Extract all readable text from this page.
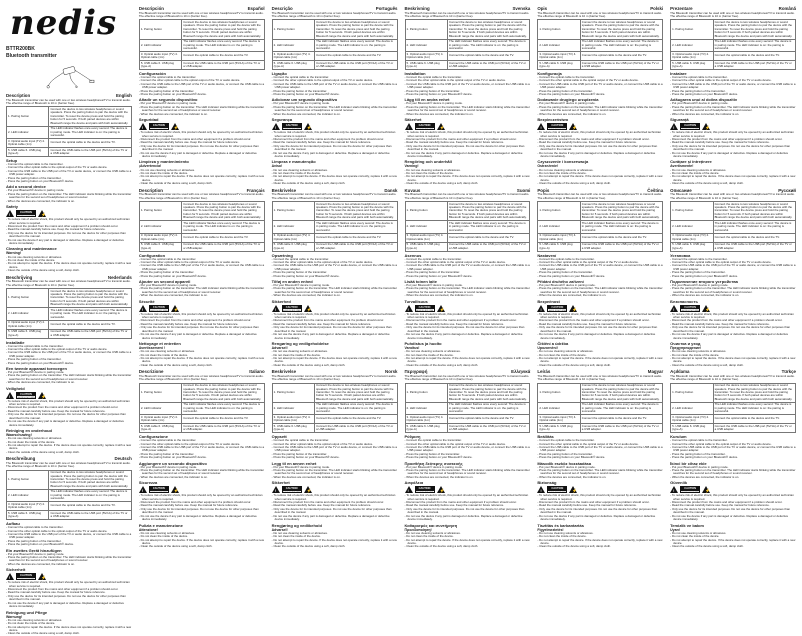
nedis
BTTR200BK
Bluetooth transmitter
Description	English

The Bluetooth transmitter can be used with one or two wireless headphones/TV to transmit audio. The effective range of Bluetooth is 10 m (barrier free).

1. Pairing button	Connect the device to two wireless headphones or sound speakers. Press the pairing button to pair the device with the transmitter. To reset the device press and hold the pairing button for 5 seconds. If both paired devices are within Bluetooth range the device and pairs with both automatically.
2. LED indicator	The LED indicator flashes once every second: The device is in pairing mode. The LED indicator is on: the pairing is successful.
3. Optical audio input (TV) 4. Optical cable (1m)	Connect the optical cable to the device and the TV.
5. USB cable 6. USB plug (type-A)	Connect the USB cable to the USB port (5V/1A) of the TV or a USB adapter.
Setup
- Connect the optical cable to the transmitter.
- Connect the other optical cable to the optical output of the TV or audio device.
- Connect the USB cable to the USB port of the TV or audio device, or connect the USB cable to a USB power adapter.
- Press the pairing button of the transmitter.
- Press the pairing button on your Bluetooth® device.
Add a second device
- Put your Bluetooth® device in pairing mode.
- Press the pairing button on the transmitter. The LED indicator starts blinking while the transmitter searches for the second set of headphones or sound receiver.
- When the devices are connected, the indicator is on.
Safety
!	CAUTION
RISK OF ELECTRIC	⚡
- To reduce risk of electric shock, this product should only be opened by an authorized technician when service is required.
- Disconnect the product from the mains and other equipment if a problem should occur.
- Read the manual carefully before use. Keep the manual for future reference.
- Only use the device for its intended purposes. Do not use the device for other purposes than described in the manual.
- Do not use the device if any part is damaged or defective. Replace a damaged or defective device immediately.
Cleaning and maintenance
Warning!
- Do not use cleaning solvents or abrasives.
- Do not clean the inside of the device.
- Do not attempt to repair the device. If the device does not operate correctly, replace it with a new device.
- Clean the outside of the device using a soft, damp cloth.
Beschrijving	Nederlands

The Bluetooth transmitter can be used with one or two wireless headphones/TV to transmit audio. The effective range of Bluetooth is 10 m (barrier free).

1. Pairing button	Connect the device to two wireless headphones or sound speakers. Press the pairing button to pair the device with the transmitter. To reset the device press and hold the pairing button for 5 seconds. If both paired devices are within Bluetooth range the device and pairs with both automatically.
2. LED indicator	The LED indicator flashes once every second: The device is in pairing mode. The LED indicator is on: the pairing is successful.
3. Optical audio input (TV) 4. Optical cable (1m)	Connect the optical cable to the device and the TV.
5. USB cable 6. USB plug (type-A)	Connect the USB cable to the USB port (5V/1A) of the TV or a USB adapter.
Installatie
- Connect the optical cable to the transmitter.
- Connect the other optical cable to the optical output of the TV or audio device.
- Connect the USB cable to the USB port of the TV or audio device, or connect the USB cable to a USB power adapter.
- Press the pairing button of the transmitter.
- Press the pairing button on your Bluetooth® device.
Een tweede apparaat toevoegen
- Put your Bluetooth® device in pairing mode.
- Press the pairing button on the transmitter. The LED indicator starts blinking while the transmitter searches for the second set of headphones or sound receiver.
- When the devices are connected, the indicator is on.
Veiligheid
!	CAUTION
RISK OF ELECTRIC	⚡
- To reduce risk of electric shock, this product should only be opened by an authorized technician when service is required.
- Disconnect the product from the mains and other equipment if a problem should occur.
- Read the manual carefully before use. Keep the manual for future reference.
- Only use the device for its intended purposes. Do not use the device for other purposes than described in the manual.
- Do not use the device if any part is damaged or defective. Replace a damaged or defective device immediately.
Reiniging en onderhoud
Waarschuwing!
- Do not use cleaning solvents or abrasives.
- Do not clean the inside of the device.
- Do not attempt to repair the device. If the device does not operate correctly, replace it with a new device.
- Clean the outside of the device using a soft, damp cloth.
Beschreibung	Deutsch

The Bluetooth transmitter can be used with one or two wireless headphones/TV to transmit audio. The effective range of Bluetooth is 10 m (barrier free).

1. Pairing button	Connect the device to two wireless headphones or sound speakers. Press the pairing button to pair the device with the transmitter. To reset the device press and hold the pairing button for 5 seconds. If both paired devices are within Bluetooth range the device and pairs with both automatically.
2. LED indicator	The LED indicator flashes once every second: The device is in pairing mode. The LED indicator is on: the pairing is successful.
3. Optical audio input (TV) 4. Optical cable (1m)	Connect the optical cable to the device and the TV.
5. USB cable 6. USB plug (type-A)	Connect the USB cable to the USB port (5V/1A) of the TV or a USB adapter.
Aufbau
- Connect the optical cable to the transmitter.
- Connect the other optical cable to the optical output of the TV or audio device.
- Connect the USB cable to the USB port of the TV or audio device, or connect the USB cable to a USB power adapter.
- Press the pairing button of the transmitter.
- Press the pairing button on your Bluetooth® device.
Ein zweites Gerät hinzufügen
- Put your Bluetooth® device in pairing mode.
- Press the pairing button on the transmitter. The LED indicator starts blinking while the transmitter searches for the second set of headphones or sound receiver.
- When the devices are connected, the indicator is on.
Sicherheit
!	CAUTION
RISK OF ELECTRIC	⚡
- To reduce risk of electric shock, this product should only be opened by an authorized technician when service is required.
- Disconnect the product from the mains and other equipment if a problem should occur.
- Read the manual carefully before use. Keep the manual for future reference.
- Only use the device for its intended purposes. Do not use the device for other purposes than described in the manual.
- Do not use the device if any part is damaged or defective. Replace a damaged or defective device immediately.
Reinigung und Pflege
Warnung!
- Do not use cleaning solvents or abrasives.
- Do not clean the inside of the device.
- Do not attempt to repair the device. If the device does not operate correctly, replace it with a new device.
- Clean the outside of the device using a soft, damp cloth.
Descripción	Español

The Bluetooth transmitter can be used with one or two wireless headphones/TV to transmit audio. The effective range of Bluetooth is 10 m (barrier free).

1. Pairing button	Connect the device to two wireless headphones or sound speakers. Press the pairing button to pair the device with the transmitter. To reset the device press and hold the pairing button for 5 seconds. If both paired devices are within Bluetooth range the device and pairs with both automatically.
2. LED indicator	The LED indicator flashes once every second: The device is in pairing mode. The LED indicator is on: the pairing is successful.
3. Optical audio input (TV) 4. Optical cable (1m)	Connect the optical cable to the device and the TV.
5. USB cable 6. USB plug (type-A)	Connect the USB cable to the USB port (5V/1A) of the TV or a USB adapter.
Configuración
- Connect the optical cable to the transmitter.
- Connect the other optical cable to the optical output of the TV or audio device.
- Connect the USB cable to the USB port of the TV or audio device, or connect the USB cable to a USB power adapter.
- Press the pairing button of the transmitter.
- Press the pairing button on your Bluetooth® device.
Añadir un segundo dispositivo
- Put your Bluetooth® device in pairing mode.
- Press the pairing button on the transmitter. The LED indicator starts blinking while the transmitter searches for the second set of headphones or sound receiver.
- When the devices are connected, the indicator is on.
Seguridad
!	CAUTION
RISK OF ELECTRIC	⚡
- To reduce risk of electric shock, this product should only be opened by an authorized technician when service is required.
- Disconnect the product from the mains and other equipment if a problem should occur.
- Read the manual carefully before use. Keep the manual for future reference.
- Only use the device for its intended purposes. Do not use the device for other purposes than described in the manual.
- Do not use the device if any part is damaged or defective. Replace a damaged or defective device immediately.
Limpieza y mantenimiento
¡Advertencia!
- Do not use cleaning solvents or abrasives.
- Do not clean the inside of the device.
- Do not attempt to repair the device. If the device does not operate correctly, replace it with a new device.
- Clean the outside of the device using a soft, damp cloth.
Description	Français

The Bluetooth transmitter can be used with one or two wireless headphones/TV to transmit audio. The effective range of Bluetooth is 10 m (barrier free).

1. Pairing button	Connect the device to two wireless headphones or sound speakers. Press the pairing button to pair the device with the transmitter. To reset the device press and hold the pairing button for 5 seconds. If both paired devices are within Bluetooth range the device and pairs with both automatically.
2. LED indicator	The LED indicator flashes once every second: The device is in pairing mode. The LED indicator is on: the pairing is successful.
3. Optical audio input (TV) 4. Optical cable (1m)	Connect the optical cable to the device and the TV.
5. USB cable 6. USB plug (type-A)	Connect the USB cable to the USB port (5V/1A) of the TV or a USB adapter.
Configuration
- Connect the optical cable to the transmitter.
- Connect the other optical cable to the optical output of the TV or audio device.
- Connect the USB cable to the USB port of the TV or audio device, or connect the USB cable to a USB power adapter.
- Press the pairing button of the transmitter.
- Press the pairing button on your Bluetooth® device.
Ajouter un second appareil
- Put your Bluetooth® device in pairing mode.
- Press the pairing button on the transmitter. The LED indicator starts blinking while the transmitter searches for the second set of headphones or sound receiver.
- When the devices are connected, the indicator is on.
Sécurité
!	CAUTION
RISK OF ELECTRIC	⚡
- To reduce risk of electric shock, this product should only be opened by an authorized technician when service is required.
- Disconnect the product from the mains and other equipment if a problem should occur.
- Read the manual carefully before use. Keep the manual for future reference.
- Only use the device for its intended purposes. Do not use the device for other purposes than described in the manual.
- Do not use the device if any part is damaged or defective. Replace a damaged or defective device immediately.
Nettoyage et entretien
Avertissement !
- Do not use cleaning solvents or abrasives.
- Do not clean the inside of the device.
- Do not attempt to repair the device. If the device does not operate correctly, replace it with a new device.
- Clean the outside of the device using a soft, damp cloth.
Descrizione	Italiano

The Bluetooth transmitter can be used with one or two wireless headphones/TV to transmit audio. The effective range of Bluetooth is 10 m (barrier free).

1. Pairing button	Connect the device to two wireless headphones or sound speakers. Press the pairing button to pair the device with the transmitter. To reset the device press and hold the pairing button for 5 seconds. If both paired devices are within Bluetooth range the device and pairs with both automatically.
2. LED indicator	The LED indicator flashes once every second: The device is in pairing mode. The LED indicator is on: the pairing is successful.
3. Optical audio input (TV) 4. Optical cable (1m)	Connect the optical cable to the device and the TV.
5. USB cable 6. USB plug (type-A)	Connect the USB cable to the USB port (5V/1A) of the TV or a USB adapter.
Configurazione
- Connect the optical cable to the transmitter.
- Connect the other optical cable to the optical output of the TV or audio device.
- Connect the USB cable to the USB port of the TV or audio device, or connect the USB cable to a USB power adapter.
- Press the pairing button of the transmitter.
- Press the pairing button on your Bluetooth® device.
Aggiungere un secondo dispositivo
- Put your Bluetooth® device in pairing mode.
- Press the pairing button on the transmitter. The LED indicator starts blinking while the transmitter searches for the second set of headphones or sound receiver.
- When the devices are connected, the indicator is on.
Sicurezza
!	CAUTION
RISK OF ELECTRIC	⚡
- To reduce risk of electric shock, this product should only be opened by an authorized technician when service is required.
- Disconnect the product from the mains and other equipment if a problem should occur.
- Read the manual carefully before use. Keep the manual for future reference.
- Only use the device for its intended purposes. Do not use the device for other purposes than described in the manual.
- Do not use the device if any part is damaged or defective. Replace a damaged or defective device immediately.
Pulizia e manutenzione
Attenzione!
- Do not use cleaning solvents or abrasives.
- Do not clean the inside of the device.
- Do not attempt to repair the device. If the device does not operate correctly, replace it with a new device.
- Clean the outside of the device using a soft, damp cloth.
Descrição	Português

The Bluetooth transmitter can be used with one or two wireless headphones/TV to transmit audio. The effective range of Bluetooth is 10 m (barrier free).

1. Pairing button	Connect the device to two wireless headphones or sound speakers. Press the pairing button to pair the device with the transmitter. To reset the device press and hold the pairing button for 5 seconds. If both paired devices are within Bluetooth range the device and pairs with both automatically.
2. LED indicator	The LED indicator flashes once every second: The device is in pairing mode. The LED indicator is on: the pairing is successful.
3. Optical audio input (TV) 4. Optical cable (1m)	Connect the optical cable to the device and the TV.
5. USB cable 6. USB plug (type-A)	Connect the USB cable to the USB port (5V/1A) of the TV or a USB adapter.
Ligação
- Connect the optical cable to the transmitter.
- Connect the other optical cable to the optical output of the TV or audio device.
- Connect the USB cable to the USB port of the TV or audio device, or connect the USB cable to a USB power adapter.
- Press the pairing button of the transmitter.
- Press the pairing button on your Bluetooth® device.
Adicionar um segundo dispositivo
- Put your Bluetooth® device in pairing mode.
- Press the pairing button on the transmitter. The LED indicator starts blinking while the transmitter searches for the second set of headphones or sound receiver.
- When the devices are connected, the indicator is on.
Segurança
!	CAUTION
RISK OF ELECTRIC	⚡
- To reduce risk of electric shock, this product should only be opened by an authorized technician when service is required.
- Disconnect the product from the mains and other equipment if a problem should occur.
- Read the manual carefully before use. Keep the manual for future reference.
- Only use the device for its intended purposes. Do not use the device for other purposes than described in the manual.
- Do not use the device if any part is damaged or defective. Replace a damaged or defective device immediately.
Limpeza e manutenção
Aviso!
- Do not use cleaning solvents or abrasives.
- Do not clean the inside of the device.
- Do not attempt to repair the device. If the device does not operate correctly, replace it with a new device.
- Clean the outside of the device using a soft, damp cloth.
Beskrivelse	Dansk

The Bluetooth transmitter can be used with one or two wireless headphones/TV to transmit audio. The effective range of Bluetooth is 10 m (barrier free).

1. Pairing button	Connect the device to two wireless headphones or sound speakers. Press the pairing button to pair the device with the transmitter. To reset the device press and hold the pairing button for 5 seconds. If both paired devices are within Bluetooth range the device and pairs with both automatically.
2. LED indicator	The LED indicator flashes once every second: The device is in pairing mode. The LED indicator is on: the pairing is successful.
3. Optical audio input (TV) 4. Optical cable (1m)	Connect the optical cable to the device and the TV.
5. USB cable 6. USB plug (type-A)	Connect the USB cable to the USB port (5V/1A) of the TV or a USB adapter.
Opsætning
- Connect the optical cable to the transmitter.
- Connect the other optical cable to the optical output of the TV or audio device.
- Connect the USB cable to the USB port of the TV or audio device, or connect the USB cable to a USB power adapter.
- Press the pairing button of the transmitter.
- Press the pairing button on your Bluetooth® device.
Tilføj en anden enhed
- Put your Bluetooth® device in pairing mode.
- Press the pairing button on the transmitter. The LED indicator starts blinking while the transmitter searches for the second set of headphones or sound receiver.
- When the devices are connected, the indicator is on.
Sikkerhed
!	CAUTION
RISK OF ELECTRIC	⚡
- To reduce risk of electric shock, this product should only be opened by an authorized technician when service is required.
- Disconnect the product from the mains and other equipment if a problem should occur.
- Read the manual carefully before use. Keep the manual for future reference.
- Only use the device for its intended purposes. Do not use the device for other purposes than described in the manual.
- Do not use the device if any part is damaged or defective. Replace a damaged or defective device immediately.
Rengøring og vedligeholdelse
Advarsel!
- Do not use cleaning solvents or abrasives.
- Do not clean the inside of the device.
- Do not attempt to repair the device. If the device does not operate correctly, replace it with a new device.
- Clean the outside of the device using a soft, damp cloth.
Beskrivelse	Norsk

The Bluetooth transmitter can be used with one or two wireless headphones/TV to transmit audio. The effective range of Bluetooth is 10 m (barrier free).

1. Pairing button	Connect the device to two wireless headphones or sound speakers. Press the pairing button to pair the device with the transmitter. To reset the device press and hold the pairing button for 5 seconds. If both paired devices are within Bluetooth range the device and pairs with both automatically.
2. LED indicator	The LED indicator flashes once every second: The device is in pairing mode. The LED indicator is on: the pairing is successful.
3. Optical audio input (TV) 4. Optical cable (1m)	Connect the optical cable to the device and the TV.
5. USB cable 6. USB plug (type-A)	Connect the USB cable to the USB port (5V/1A) of the TV or a USB adapter.
Oppsett
- Connect the optical cable to the transmitter.
- Connect the other optical cable to the optical output of the TV or audio device.
- Connect the USB cable to the USB port of the TV or audio device, or connect the USB cable to a USB power adapter.
- Press the pairing button of the transmitter.
- Press the pairing button on your Bluetooth® device.
Legg til en annen enhet
- Put your Bluetooth® device in pairing mode.
- Press the pairing button on the transmitter. The LED indicator starts blinking while the transmitter searches for the second set of headphones or sound receiver.
- When the devices are connected, the indicator is on.
Sikkerhet
!	CAUTION
RISK OF ELECTRIC	⚡
- To reduce risk of electric shock, this product should only be opened by an authorized technician when service is required.
- Disconnect the product from the mains and other equipment if a problem should occur.
- Read the manual carefully before use. Keep the manual for future reference.
- Only use the device for its intended purposes. Do not use the device for other purposes than described in the manual.
- Do not use the device if any part is damaged or defective. Replace a damaged or defective device immediately.
Rengjøring og vedlikehold
Advarsel!
- Do not use cleaning solvents or abrasives.
- Do not clean the inside of the device.
- Do not attempt to repair the device. If the device does not operate correctly, replace it with a new device.
- Clean the outside of the device using a soft, damp cloth.
Beskrivning	Svenska

The Bluetooth transmitter can be used with one or two wireless headphones/TV to transmit audio. The effective range of Bluetooth is 10 m (barrier free).

1. Pairing button	Connect the device to two wireless headphones or sound speakers. Press the pairing button to pair the device with the transmitter. To reset the device press and hold the pairing button for 5 seconds. If both paired devices are within Bluetooth range the device and pairs with both automatically.
2. LED indicator	The LED indicator flashes once every second: The device is in pairing mode. The LED indicator is on: the pairing is successful.
3. Optical audio input (TV) 4. Optical cable (1m)	Connect the optical cable to the device and the TV.
5. USB cable 6. USB plug (type-A)	Connect the USB cable to the USB port (5V/1A) of the TV or a USB adapter.
Installation
- Connect the optical cable to the transmitter.
- Connect the other optical cable to the optical output of the TV or audio device.
- Connect the USB cable to the USB port of the TV or audio device, or connect the USB cable to a USB power adapter.
- Press the pairing button of the transmitter.
- Press the pairing button on your Bluetooth® device.
Lägg till en andra enhet
- Put your Bluetooth® device in pairing mode.
- Press the pairing button on the transmitter. The LED indicator starts blinking while the transmitter searches for the second set of headphones or sound receiver.
- When the devices are connected, the indicator is on.
Säkerhet
!	CAUTION
RISK OF ELECTRIC	⚡
- To reduce risk of electric shock, this product should only be opened by an authorized technician when service is required.
- Disconnect the product from the mains and other equipment if a problem should occur.
- Read the manual carefully before use. Keep the manual for future reference.
- Only use the device for its intended purposes. Do not use the device for other purposes than described in the manual.
- Do not use the device if any part is damaged or defective. Replace a damaged or defective device immediately.
Rengöring och underhåll
Varning!
- Do not use cleaning solvents or abrasives.
- Do not clean the inside of the device.
- Do not attempt to repair the device. If the device does not operate correctly, replace it with a new device.
- Clean the outside of the device using a soft, damp cloth.
Kuvaus	Suomi

The Bluetooth transmitter can be used with one or two wireless headphones/TV to transmit audio. The effective range of Bluetooth is 10 m (barrier free).

1. Pairing button	Connect the device to two wireless headphones or sound speakers. Press the pairing button to pair the device with the transmitter. To reset the device press and hold the pairing button for 5 seconds. If both paired devices are within Bluetooth range the device and pairs with both automatically.
2. LED indicator	The LED indicator flashes once every second: The device is in pairing mode. The LED indicator is on: the pairing is successful.
3. Optical audio input (TV) 4. Optical cable (1m)	Connect the optical cable to the device and the TV.
5. USB cable 6. USB plug (type-A)	Connect the USB cable to the USB port (5V/1A) of the TV or a USB adapter.
Asennus
- Connect the optical cable to the transmitter.
- Connect the other optical cable to the optical output of the TV or audio device.
- Connect the USB cable to the USB port of the TV or audio device, or connect the USB cable to a USB power adapter.
- Press the pairing button of the transmitter.
- Press the pairing button on your Bluetooth® device.
Lisää toinen laite
- Put your Bluetooth® device in pairing mode.
- Press the pairing button on the transmitter. The LED indicator starts blinking while the transmitter searches for the second set of headphones or sound receiver.
- When the devices are connected, the indicator is on.
Turvallisuus
!	CAUTION
RISK OF ELECTRIC	⚡
- To reduce risk of electric shock, this product should only be opened by an authorized technician when service is required.
- Disconnect the product from the mains and other equipment if a problem should occur.
- Read the manual carefully before use. Keep the manual for future reference.
- Only use the device for its intended purposes. Do not use the device for other purposes than described in the manual.
- Do not use the device if any part is damaged or defective. Replace a damaged or defective device immediately.
Puhdistus ja huolto
Varoitus!
- Do not use cleaning solvents or abrasives.
- Do not clean the inside of the device.
- Do not attempt to repair the device. If the device does not operate correctly, replace it with a new device.
- Clean the outside of the device using a soft, damp cloth.
Περιγραφή	Ελληνικά

The Bluetooth transmitter can be used with one or two wireless headphones/TV to transmit audio. The effective range of Bluetooth is 10 m (barrier free).

1. Pairing button	Connect the device to two wireless headphones or sound speakers. Press the pairing button to pair the device with the transmitter. To reset the device press and hold the pairing button for 5 seconds. If both paired devices are within Bluetooth range the device and pairs with both automatically.
2. LED indicator	The LED indicator flashes once every second: The device is in pairing mode. The LED indicator is on: the pairing is successful.
3. Optical audio input (TV) 4. Optical cable (1m)	Connect the optical cable to the device and the TV.
5. USB cable 6. USB plug (type-A)	Connect the USB cable to the USB port (5V/1A) of the TV or a USB adapter.
Ρύθμιση
- Connect the optical cable to the transmitter.
- Connect the other optical cable to the optical output of the TV or audio device.
- Connect the USB cable to the USB port of the TV or audio device, or connect the USB cable to a USB power adapter.
- Press the pairing button of the transmitter.
- Press the pairing button on your Bluetooth® device.
Προσθήκη δεύτερης συσκευής
- Put your Bluetooth® device in pairing mode.
- Press the pairing button on the transmitter. The LED indicator starts blinking while the transmitter searches for the second set of headphones or sound receiver.
- When the devices are connected, the indicator is on.
Ασφάλεια
!	CAUTION
RISK OF ELECTRIC	⚡
- To reduce risk of electric shock, this product should only be opened by an authorized technician when service is required.
- Disconnect the product from the mains and other equipment if a problem should occur.
- Read the manual carefully before use. Keep the manual for future reference.
- Only use the device for its intended purposes. Do not use the device for other purposes than described in the manual.
- Do not use the device if any part is damaged or defective. Replace a damaged or defective device immediately.
Καθαρισμός και συντήρηση
Προειδοποίηση!
- Do not use cleaning solvents or abrasives.
- Do not clean the inside of the device.
- Do not attempt to repair the device. If the device does not operate correctly, replace it with a new device.
- Clean the outside of the device using a soft, damp cloth.
Opis	Polski

The Bluetooth transmitter can be used with one or two wireless headphones/TV to transmit audio. The effective range of Bluetooth is 10 m (barrier free).

1. Pairing button	Connect the device to two wireless headphones or sound speakers. Press the pairing button to pair the device with the transmitter. To reset the device press and hold the pairing button for 5 seconds. If both paired devices are within Bluetooth range the device and pairs with both automatically.
2. LED indicator	The LED indicator flashes once every second: The device is in pairing mode. The LED indicator is on: the pairing is successful.
3. Optical audio input (TV) 4. Optical cable (1m)	Connect the optical cable to the device and the TV.
5. USB cable 6. USB plug (type-A)	Connect the USB cable to the USB port (5V/1A) of the TV or a USB adapter.
Konfiguracja
- Connect the optical cable to the transmitter.
- Connect the other optical cable to the optical output of the TV or audio device.
- Connect the USB cable to the USB port of the TV or audio device, or connect the USB cable to a USB power adapter.
- Press the pairing button of the transmitter.
- Press the pairing button on your Bluetooth® device.
Dodawanie drugiego urządzenia
- Put your Bluetooth® device in pairing mode.
- Press the pairing button on the transmitter. The LED indicator starts blinking while the transmitter searches for the second set of headphones or sound receiver.
- When the devices are connected, the indicator is on.
Bezpieczeństwo
!	CAUTION
RISK OF ELECTRIC	⚡
- To reduce risk of electric shock, this product should only be opened by an authorized technician when service is required.
- Disconnect the product from the mains and other equipment if a problem should occur.
- Read the manual carefully before use. Keep the manual for future reference.
- Only use the device for its intended purposes. Do not use the device for other purposes than described in the manual.
- Do not use the device if any part is damaged or defective. Replace a damaged or defective device immediately.
Czyszczenie i konserwacja
Ostrzeżenie!
- Do not use cleaning solvents or abrasives.
- Do not clean the inside of the device.
- Do not attempt to repair the device. If the device does not operate correctly, replace it with a new device.
- Clean the outside of the device using a soft, damp cloth.
Popis	Čeština

The Bluetooth transmitter can be used with one or two wireless headphones/TV to transmit audio. The effective range of Bluetooth is 10 m (barrier free).

1. Pairing button	Connect the device to two wireless headphones or sound speakers. Press the pairing button to pair the device with the transmitter. To reset the device press and hold the pairing button for 5 seconds. If both paired devices are within Bluetooth range the device and pairs with both automatically.
2. LED indicator	The LED indicator flashes once every second: The device is in pairing mode. The LED indicator is on: the pairing is successful.
3. Optical audio input (TV) 4. Optical cable (1m)	Connect the optical cable to the device and the TV.
5. USB cable 6. USB plug (type-A)	Connect the USB cable to the USB port (5V/1A) of the TV or a USB adapter.
Nastavení
- Connect the optical cable to the transmitter.
- Connect the other optical cable to the optical output of the TV or audio device.
- Connect the USB cable to the USB port of the TV or audio device, or connect the USB cable to a USB power adapter.
- Press the pairing button of the transmitter.
- Press the pairing button on your Bluetooth® device.
Přidání druhého zařízení
- Put your Bluetooth® device in pairing mode.
- Press the pairing button on the transmitter. The LED indicator starts blinking while the transmitter searches for the second set of headphones or sound receiver.
- When the devices are connected, the indicator is on.
Bezpečnost
!	CAUTION
RISK OF ELECTRIC	⚡
- To reduce risk of electric shock, this product should only be opened by an authorized technician when service is required.
- Disconnect the product from the mains and other equipment if a problem should occur.
- Read the manual carefully before use. Keep the manual for future reference.
- Only use the device for its intended purposes. Do not use the device for other purposes than described in the manual.
- Do not use the device if any part is damaged or defective. Replace a damaged or defective device immediately.
Čištění a údržba
Upozornění!
- Do not use cleaning solvents or abrasives.
- Do not clean the inside of the device.
- Do not attempt to repair the device. If the device does not operate correctly, replace it with a new device.
- Clean the outside of the device using a soft, damp cloth.
Leírás	Magyar

The Bluetooth transmitter can be used with one or two wireless headphones/TV to transmit audio. The effective range of Bluetooth is 10 m (barrier free).

1. Pairing button	Connect the device to two wireless headphones or sound speakers. Press the pairing button to pair the device with the transmitter. To reset the device press and hold the pairing button for 5 seconds. If both paired devices are within Bluetooth range the device and pairs with both automatically.
2. LED indicator	The LED indicator flashes once every second: The device is in pairing mode. The LED indicator is on: the pairing is successful.
3. Optical audio input (TV) 4. Optical cable (1m)	Connect the optical cable to the device and the TV.
5. USB cable 6. USB plug (type-A)	Connect the USB cable to the USB port (5V/1A) of the TV or a USB adapter.
Beállítás
- Connect the optical cable to the transmitter.
- Connect the other optical cable to the optical output of the TV or audio device.
- Connect the USB cable to the USB port of the TV or audio device, or connect the USB cable to a USB power adapter.
- Press the pairing button of the transmitter.
- Press the pairing button on your Bluetooth® device.
Második eszköz hozzáadása
- Put your Bluetooth® device in pairing mode.
- Press the pairing button on the transmitter. The LED indicator starts blinking while the transmitter searches for the second set of headphones or sound receiver.
- When the devices are connected, the indicator is on.
Biztonság
!	CAUTION
RISK OF ELECTRIC	⚡
- To reduce risk of electric shock, this product should only be opened by an authorized technician when service is required.
- Disconnect the product from the mains and other equipment if a problem should occur.
- Read the manual carefully before use. Keep the manual for future reference.
- Only use the device for its intended purposes. Do not use the device for other purposes than described in the manual.
- Do not use the device if any part is damaged or defective. Replace a damaged or defective device immediately.
Tisztítás és karbantartás
Figyelmeztetés!
- Do not use cleaning solvents or abrasives.
- Do not clean the inside of the device.
- Do not attempt to repair the device. If the device does not operate correctly, replace it with a new device.
- Clean the outside of the device using a soft, damp cloth.
Prezentare	Română

The Bluetooth transmitter can be used with one or two wireless headphones/TV to transmit audio. The effective range of Bluetooth is 10 m (barrier free).

1. Pairing button	Connect the device to two wireless headphones or sound speakers. Press the pairing button to pair the device with the transmitter. To reset the device press and hold the pairing button for 5 seconds. If both paired devices are within Bluetooth range the device and pairs with both automatically.
2. LED indicator	The LED indicator flashes once every second: The device is in pairing mode. The LED indicator is on: the pairing is successful.
3. Optical audio input (TV) 4. Optical cable (1m)	Connect the optical cable to the device and the TV.
5. USB cable 6. USB plug (type-A)	Connect the USB cable to the USB port (5V/1A) of the TV or a USB adapter.
Instalare
- Connect the optical cable to the transmitter.
- Connect the other optical cable to the optical output of the TV or audio device.
- Connect the USB cable to the USB port of the TV or audio device, or connect the USB cable to a USB power adapter.
- Press the pairing button of the transmitter.
- Press the pairing button on your Bluetooth® device.
Adăugarea unui al doilea dispozitiv
- Put your Bluetooth® device in pairing mode.
- Press the pairing button on the transmitter. The LED indicator starts blinking while the transmitter searches for the second set of headphones or sound receiver.
- When the devices are connected, the indicator is on.
Siguranță
!	CAUTION
RISK OF ELECTRIC	⚡
- To reduce risk of electric shock, this product should only be opened by an authorized technician when service is required.
- Disconnect the product from the mains and other equipment if a problem should occur.
- Read the manual carefully before use. Keep the manual for future reference.
- Only use the device for its intended purposes. Do not use the device for other purposes than described in the manual.
- Do not use the device if any part is damaged or defective. Replace a damaged or defective device immediately.
Curățare și întreținere
Avertismente!
- Do not use cleaning solvents or abrasives.
- Do not clean the inside of the device.
- Do not attempt to repair the device. If the device does not operate correctly, replace it with a new device.
- Clean the outside of the device using a soft, damp cloth.
Описание	Русский

The Bluetooth transmitter can be used with one or two wireless headphones/TV to transmit audio. The effective range of Bluetooth is 10 m (barrier free).

1. Pairing button	Connect the device to two wireless headphones or sound speakers. Press the pairing button to pair the device with the transmitter. To reset the device press and hold the pairing button for 5 seconds. If both paired devices are within Bluetooth range the device and pairs with both automatically.
2. LED indicator	The LED indicator flashes once every second: The device is in pairing mode. The LED indicator is on: the pairing is successful.
3. Optical audio input (TV) 4. Optical cable (1m)	Connect the optical cable to the device and the TV.
5. USB cable 6. USB plug (type-A)	Connect the USB cable to the USB port (5V/1A) of the TV or a USB adapter.
Установка
- Connect the optical cable to the transmitter.
- Connect the other optical cable to the optical output of the TV or audio device.
- Connect the USB cable to the USB port of the TV or audio device, or connect the USB cable to a USB power adapter.
- Press the pairing button of the transmitter.
- Press the pairing button on your Bluetooth® device.
Подключение второго устройства
- Put your Bluetooth® device in pairing mode.
- Press the pairing button on the transmitter. The LED indicator starts blinking while the transmitter searches for the second set of headphones or sound receiver.
- When the devices are connected, the indicator is on.
Безопасность
!	CAUTION
RISK OF ELECTRIC	⚡
- To reduce risk of electric shock, this product should only be opened by an authorized technician when service is required.
- Disconnect the product from the mains and other equipment if a problem should occur.
- Read the manual carefully before use. Keep the manual for future reference.
- Only use the device for its intended purposes. Do not use the device for other purposes than described in the manual.
- Do not use the device if any part is damaged or defective. Replace a damaged or defective device immediately.
Очистка и уход
Предупреждение!
- Do not use cleaning solvents or abrasives.
- Do not clean the inside of the device.
- Do not attempt to repair the device. If the device does not operate correctly, replace it with a new device.
- Clean the outside of the device using a soft, damp cloth.
Açıklama	Türkçe

The Bluetooth transmitter can be used with one or two wireless headphones/TV to transmit audio. The effective range of Bluetooth is 10 m (barrier free).

1. Pairing button	Connect the device to two wireless headphones or sound speakers. Press the pairing button to pair the device with the transmitter. To reset the device press and hold the pairing button for 5 seconds. If both paired devices are within Bluetooth range the device and pairs with both automatically.
2. LED indicator	The LED indicator flashes once every second: The device is in pairing mode. The LED indicator is on: the pairing is successful.
3. Optical audio input (TV) 4. Optical cable (1m)	Connect the optical cable to the device and the TV.
5. USB cable 6. USB plug (type-A)	Connect the USB cable to the USB port (5V/1A) of the TV or a USB adapter.
Kurulum
- Connect the optical cable to the transmitter.
- Connect the other optical cable to the optical output of the TV or audio device.
- Connect the USB cable to the USB port of the TV or audio device, or connect the USB cable to a USB power adapter.
- Press the pairing button of the transmitter.
- Press the pairing button on your Bluetooth® device.
İkinci bir cihaz ekle
- Put your Bluetooth® device in pairing mode.
- Press the pairing button on the transmitter. The LED indicator starts blinking while the transmitter searches for the second set of headphones or sound receiver.
- When the devices are connected, the indicator is on.
Güvenlik
!	CAUTION
RISK OF ELECTRIC	⚡
- To reduce risk of electric shock, this product should only be opened by an authorized technician when service is required.
- Disconnect the product from the mains and other equipment if a problem should occur.
- Read the manual carefully before use. Keep the manual for future reference.
- Only use the device for its intended purposes. Do not use the device for other purposes than described in the manual.
- Do not use the device if any part is damaged or defective. Replace a damaged or defective device immediately.
Temizlik ve bakım
Uyarı!
- Do not use cleaning solvents or abrasives.
- Do not clean the inside of the device.
- Do not attempt to repair the device. If the device does not operate correctly, replace it with a new device.
- Clean the outside of the device using a soft, damp cloth.
